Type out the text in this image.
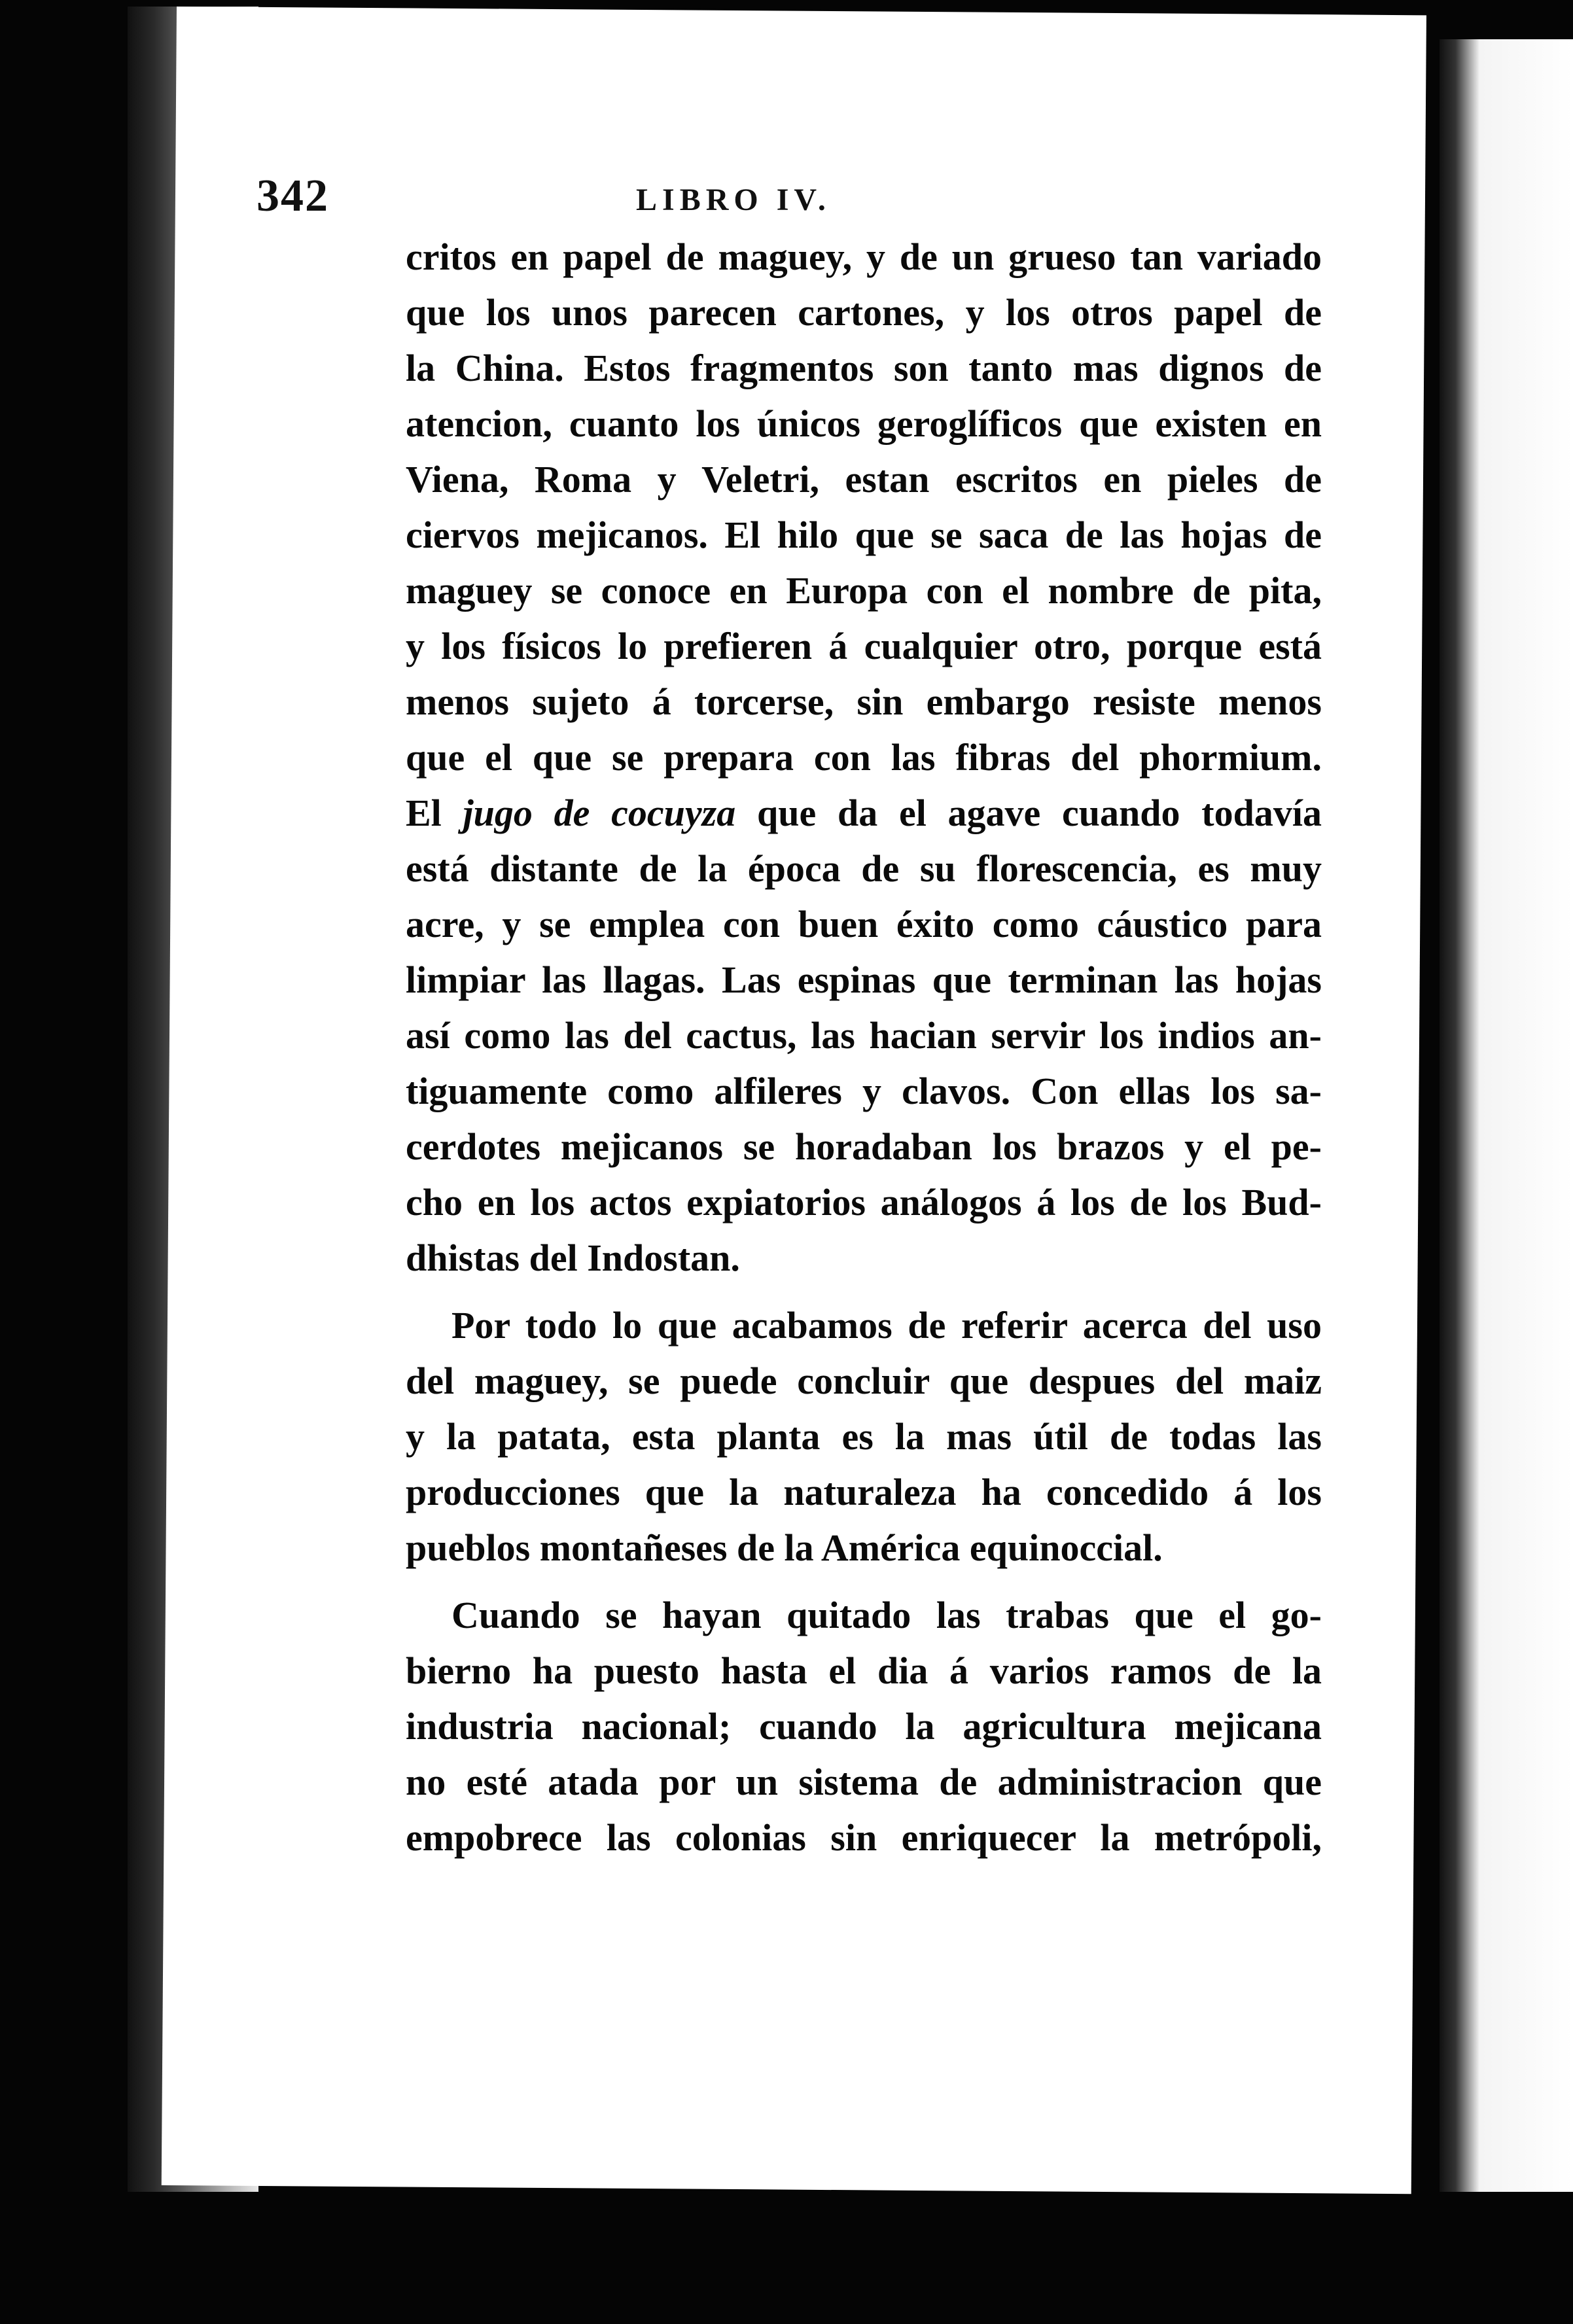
342	LIBRO IV.
critos en papel de maguey, y de un grueso tan variado
que los unos parecen cartones, y los otros papel de
la China. Estos fragmentos son tanto mas dignos de
atencion, cuanto los únicos geroglíficos que existen en
Viena, Roma y Veletri, estan escritos en pieles de
ciervos mejicanos. El hilo que se saca de las hojas de
maguey se conoce en Europa con el nombre de pita,
y los físicos lo prefieren á cualquier otro, porque está
menos sujeto á torcerse, sin embargo resiste menos
que el que se prepara con las fibras del phormium.
El jugo de cocuyza que da el agave cuando todavía
está distante de la época de su florescencia, es muy
acre, y se emplea con buen éxito como cáustico para
limpiar las llagas. Las espinas que terminan las hojas
así como las del cactus, las hacian servir los indios an-
tiguamente como alfileres y clavos. Con ellas los sa-
cerdotes mejicanos se horadaban los brazos y el pe-
cho en los actos expiatorios análogos á los de los Bud-
dhistas del Indostan.
Por todo lo que acabamos de referir acerca del uso
del maguey, se puede concluir que despues del maiz
y la patata, esta planta es la mas útil de todas las
producciones que la naturaleza ha concedido á los
pueblos montañeses de la América equinoccial.
Cuando se hayan quitado las trabas que el go-
bierno ha puesto hasta el dia á varios ramos de la
industria nacional; cuando la agricultura mejicana
no esté atada por un sistema de administracion que
empobrece las colonias sin enriquecer la metrópoli,
